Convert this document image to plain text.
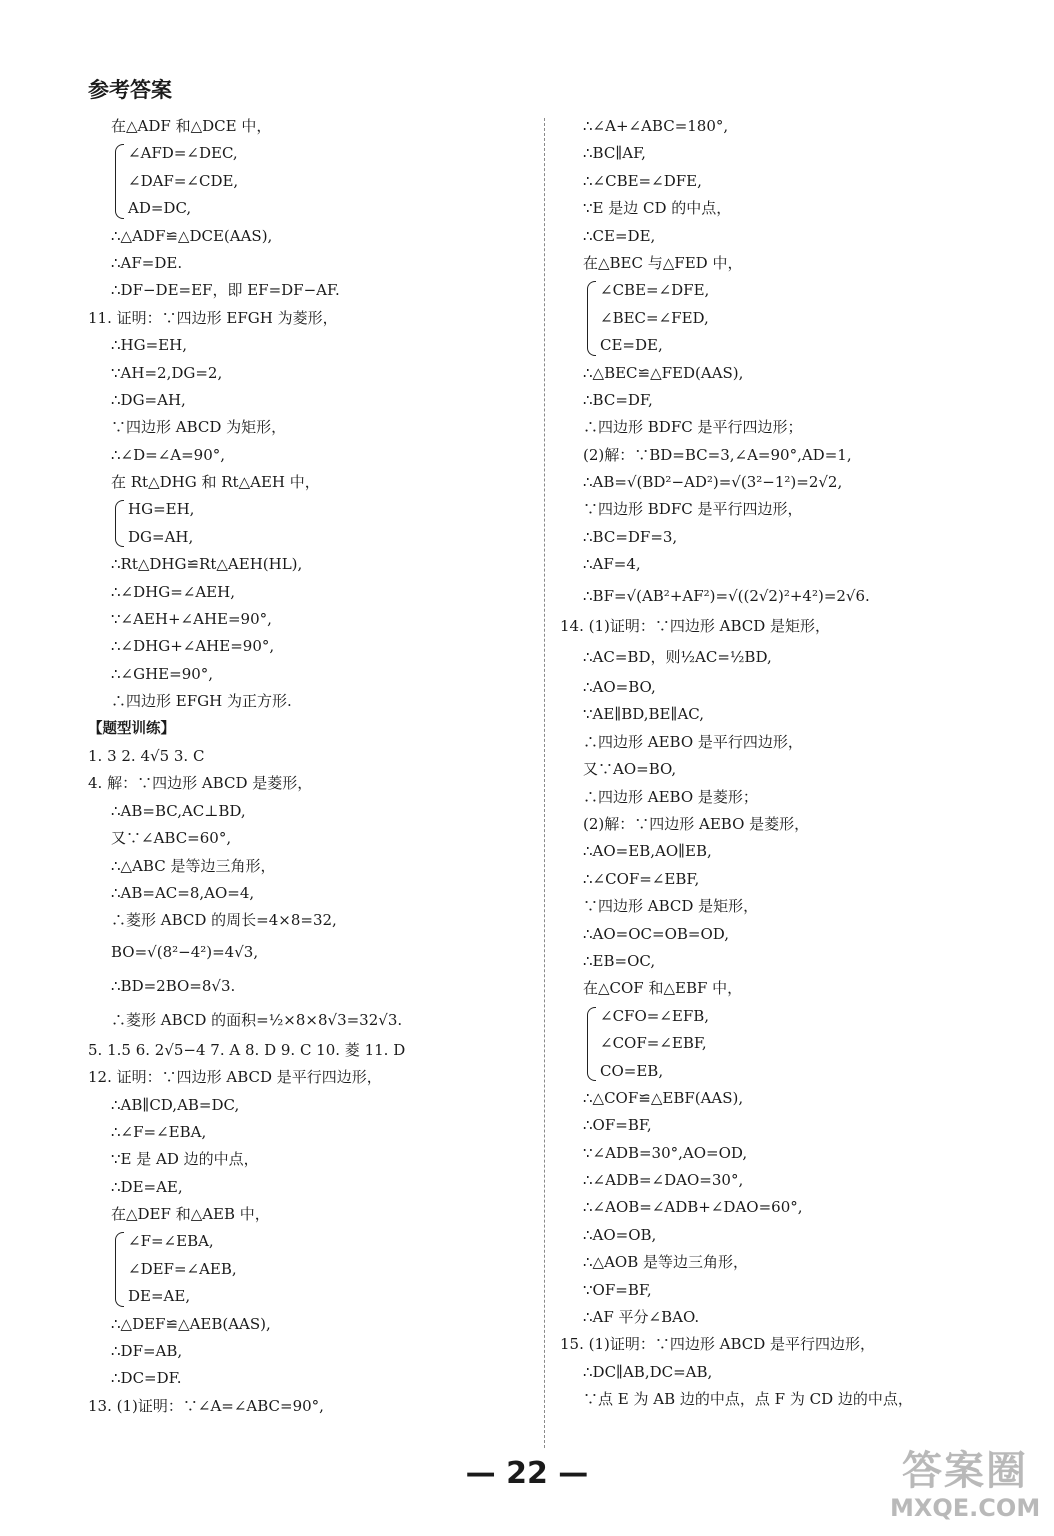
参考答案
在△ADF 和△DCE 中，
∠AFD=∠DEC,
∠DAF=∠CDE,
AD=DC,
∴△ADF≌△DCE(AAS),
∴AF=DE.
∴DF−DE=EF，即 EF=DF−AF.
11. 证明：∵四边形 EFGH 为菱形，
∴HG=EH,
∵AH=2,DG=2,
∴DG=AH,
∵四边形 ABCD 为矩形，
∴∠D=∠A=90°,
在 Rt△DHG 和 Rt△AEH 中，
HG=EH,
DG=AH,
∴Rt△DHG≌Rt△AEH(HL),
∴∠DHG=∠AEH,
∵∠AEH+∠AHE=90°,
∴∠DHG+∠AHE=90°,
∴∠GHE=90°,
∴四边形 EFGH 为正方形.
【题型训练】
1. 3 2. 4√5 3. C
4. 解：∵四边形 ABCD 是菱形，
∴AB=BC,AC⊥BD,
又∵∠ABC=60°,
∴△ABC 是等边三角形，
∴AB=AC=8,AO=4,
∴菱形 ABCD 的周长=4×8=32,
BO=√(8²−4²)=4√3,
∴BD=2BO=8√3.
∴菱形 ABCD 的面积=½×8×8√3=32√3.
5. 1.5 6. 2√5−4 7. A 8. D 9. C 10. 菱 11. D
12. 证明：∵四边形 ABCD 是平行四边形，
∴AB∥CD,AB=DC,
∴∠F=∠EBA,
∵E 是 AD 边的中点，
∴DE=AE,
在△DEF 和△AEB 中，
∠F=∠EBA,
∠DEF=∠AEB,
DE=AE,
∴△DEF≌△AEB(AAS),
∴DF=AB,
∴DC=DF.
13. (1)证明：∵∠A=∠ABC=90°,
∴∠A+∠ABC=180°,
∴BC∥AF,
∴∠CBE=∠DFE,
∵E 是边 CD 的中点，
∴CE=DE,
在△BEC 与△FED 中，
∠CBE=∠DFE,
∠BEC=∠FED,
CE=DE,
∴△BEC≌△FED(AAS),
∴BC=DF,
∴四边形 BDFC 是平行四边形；
(2)解：∵BD=BC=3,∠A=90°,AD=1,
∴AB=√(BD²−AD²)=√(3²−1²)=2√2,
∵四边形 BDFC 是平行四边形，
∴BC=DF=3,
∴AF=4,
∴BF=√(AB²+AF²)=√((2√2)²+4²)=2√6.
14. (1)证明：∵四边形 ABCD 是矩形，
∴AC=BD，则½AC=½BD,
∴AO=BO,
∵AE∥BD,BE∥AC,
∴四边形 AEBO 是平行四边形，
又∵AO=BO,
∴四边形 AEBO 是菱形；
(2)解：∵四边形 AEBO 是菱形，
∴AO=EB,AO∥EB,
∴∠COF=∠EBF,
∵四边形 ABCD 是矩形，
∴AO=OC=OB=OD,
∴EB=OC,
在△COF 和△EBF 中，
∠CFO=∠EFB,
∠COF=∠EBF,
CO=EB,
∴△COF≌△EBF(AAS),
∴OF=BF,
∵∠ADB=30°,AO=OD,
∴∠ADB=∠DAO=30°,
∴∠AOB=∠ADB+∠DAO=60°,
∴AO=OB,
∴△AOB 是等边三角形，
∵OF=BF,
∴AF 平分∠BAO.
15. (1)证明：∵四边形 ABCD 是平行四边形，
∴DC∥AB,DC=AB,
∵点 E 为 AB 边的中点，点 F 为 CD 边的中点，
— 22 —	答案圈
MXQE.COM
